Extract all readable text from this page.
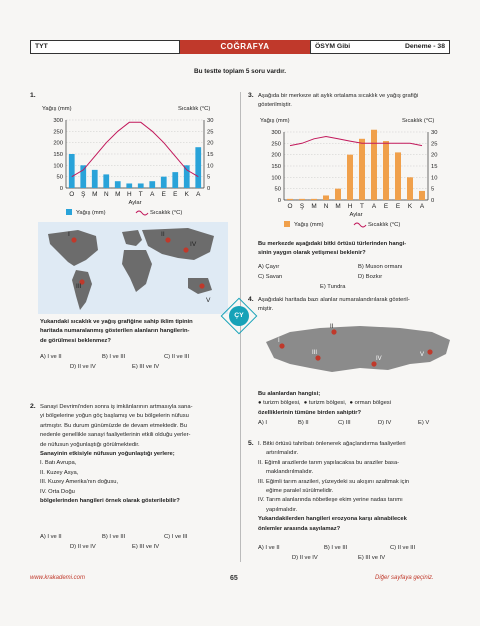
TYT	COĞRAFYA	ÖSYM Gibi	Deneme - 38
Bu testte toplam 5 soru vardır.
1.
Yağış (mm)	Sıcaklık (°C)
0
50
100
150
200
250
300
0
5
10
15
20
25
30
O Ş M N M H T A E E K A
Aylar
Yağış (mm)	Sıcaklık (°C)
I
III
II
IV
V
Yukarıdaki sıcaklık ve yağış grafiğine sahip iklim tipinin
haritada numaralanmış gösterilen alanların hangilerin-
de görülmesi beklenmez?
A) I ve II	B) I ve III	C) II ve III
D) II ve IV	E) III ve IV
2. Sanayi Devrimi'nden sonra iş imkânlarının artmasıyla sana-
yi bölgelerine yoğun göç başlamış ve bu bölgelerin nüfusu
artmıştır. Bu durum günümüzde de devam etmektedir. Bu
nedenle genellikle sanayi faaliyetlerinin etkili olduğu yerler-
de nüfusun yoğunlaştığı görülmektedir.
Sanayinin etkisiyle nüfusun yoğunlaştığı yerlere;
I. Batı Avrupa,
II. Kuzey Asya,
III. Kuzey Amerika'nın doğusu,
IV. Orta Doğu
bölgelerinden hangileri örnek olarak gösterilebilir?
A) I ve II	B) I ve III	C) I ve III
D) II ve IV	E) III ve IV
3. Aşağıda bir merkeze ait aylık ortalama sıcaklık ve yağış grafiği
gösterilmiştir.
Yağış (mm)	Sıcaklık (°C)
0
50
100
150
200
250
300
0
5
10
15
20
25
30
O Ş M N M H T A E E K A
Aylar
Yağış (mm)	Sıcaklık (°C)
Bu merkezde aşağıdaki bitki örtüsü türlerinden hangi-
sinin yaygın olarak yetişmesi beklenir?
A) Çayır	B) Muson ormanı
C) Savan	D) Bozkır
E) Tundra
4. Aşağıdaki haritada bazı alanlar numaralandırılarak gösteril-
miştir.
I
II
III
IV
V
Bu alanlardan hangisi;
● turizm bölgesi,  ● turizm bölgesi,  ● orman bölgesi
özelliklerinin tümüne birden sahiptir?
A) I	B) II	C) III	D) IV	E) V
5. I. Bitki örtüsü tahribatı önlenerek ağaçlandırma faaliyetleri
artırılmalıdır.
II. Eğimli arazilerde tarım yapılacaksa bu araziler basa-
maklandırılmalıdır.
III. Eğimli tarım arazileri, yüzeydeki su akışını azaltmak için
eğime paralel sürülmelidir.
IV. Tarım alanlarında nöbetleşe ekim yerine nadas tarımı
yapılmalıdır.
Yukarıdakilerden hangileri erozyona karşı alınabilecek
önlemler arasında sayılamaz?
A) I ve II	B) I ve III	C) II ve III
D) II ve IV	E) III ve IV
ÇY
www.krakademi.com	65	Diğer sayfaya geçiniz.
